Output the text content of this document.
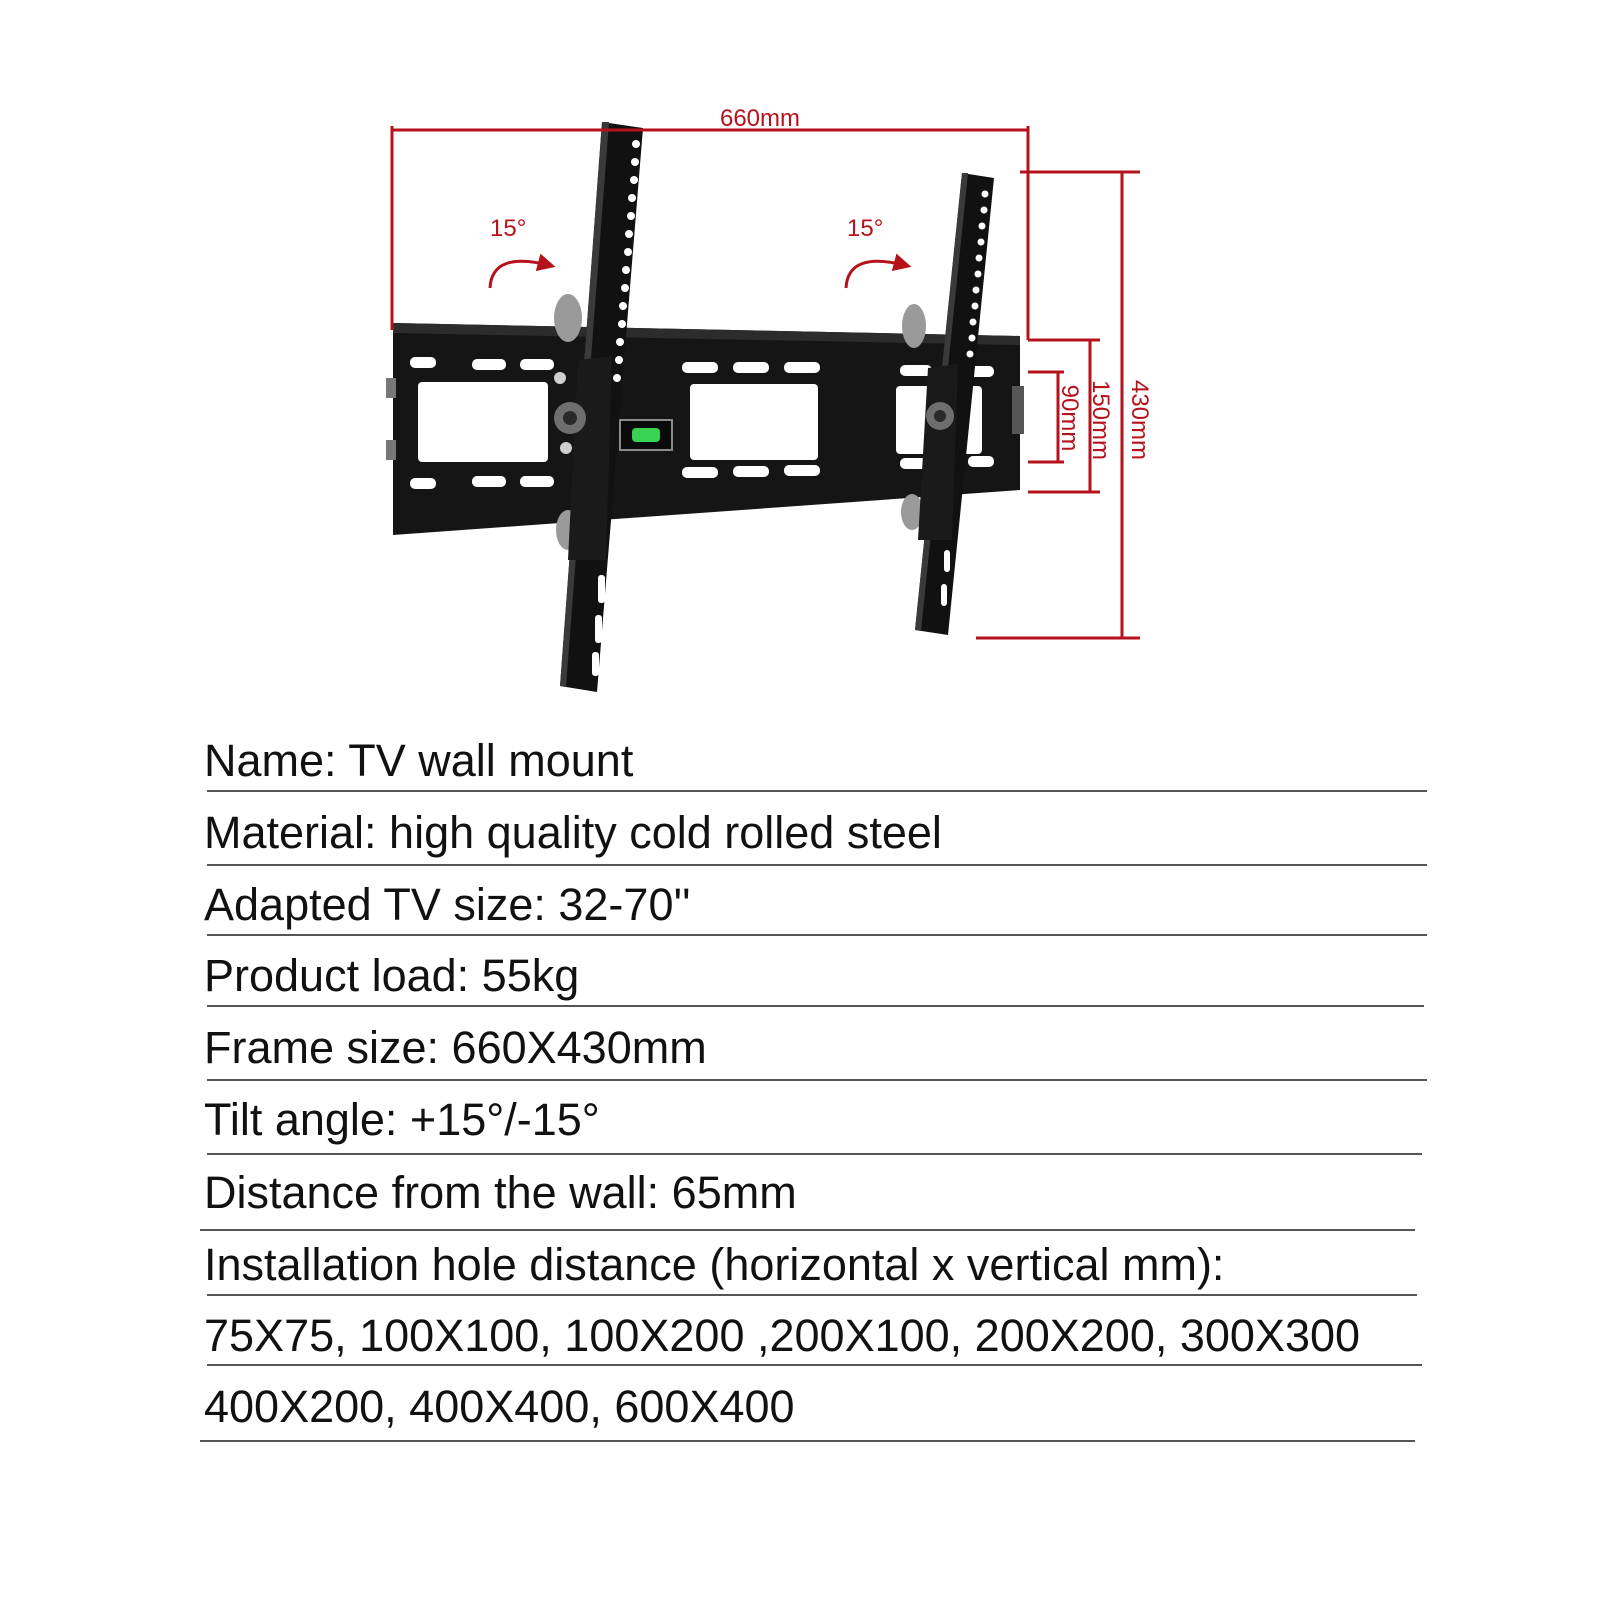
660mm
430mm
150mm
90mm
15°	15°
Name: TV wall mount
Material: high quality cold rolled steel
Adapted TV size: 32-70''
Product load: 55kg
Frame size: 660X430mm
Tilt angle: +15°/-15°
Distance from the wall: 65mm
Installation hole distance (horizontal x vertical mm):
75X75, 100X100, 100X200 ,200X100, 200X200, 300X300
400X200, 400X400, 600X400
